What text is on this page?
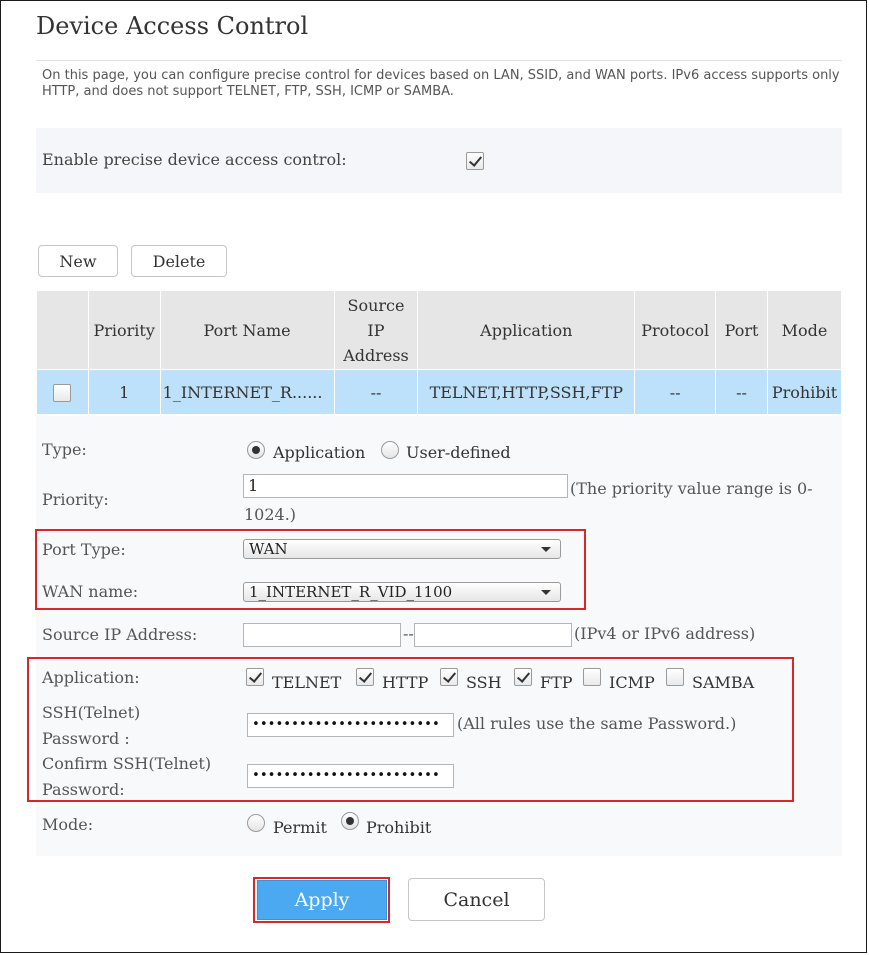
Device Access Control
On this page, you can configure precise control for devices based on LAN, SSID, and WAN ports. IPv6 access supports only HTTP, and does not support TELNET, FTP, SSH, ICMP or SAMBA.
Enable precise device access control:
New	Delete
	Priority	Port Name	Source IP Address	Application	Protocol	Port	Mode
	1	1_INTERNET_R......	--	TELNET,HTTP,SSH,FTP	--	--	Prohibit
Type:	Application	User-defined
Priority:
1	(The priority value range is 0-1024.)
Port Type:	WAN
WAN name:	1_INTERNET_R_VID_1100
Source IP Address:	--	(IPv4 or IPv6 address)
Application:	TELNET	HTTP SSH FTP ICMP SAMBA
SSH(Telnet)
Password :
••••••••••••••••••••••••	(All rules use the same Password.)
Confirm SSH(Telnet)
Password:
••••••••••••••••••••••••
Mode:	Permit Prohibit
Apply	Cancel
